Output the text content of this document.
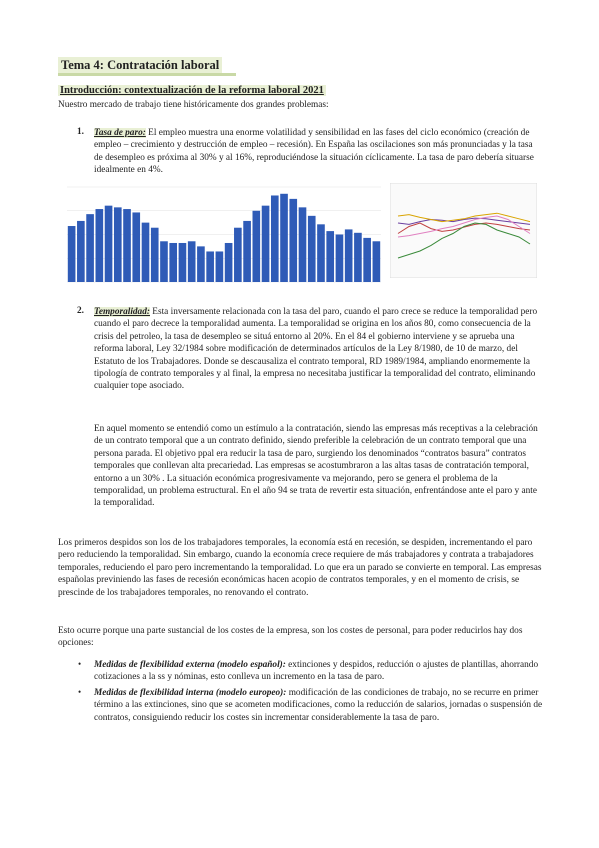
Tema 4: Contratación laboral
Introducción: contextualización de la reforma laboral 2021

Nuestro mercado de trabajo tiene históricamente dos grandes problemas:

1. Tasa de paro: El empleo muestra una enorme volatilidad y sensibilidad en las fases del ciclo económico (creación de empleo – crecimiento y destrucción de empleo – recesión). En España las oscilaciones son más pronunciadas y la tasa de desempleo es próxima al 30% y al 16%, reproduciéndose la situación cíclicamente. La tasa de paro debería situarse idealmente en 4%.

2. Temporalidad: Esta inversamente relacionada con la tasa del paro, cuando el paro crece se reduce la temporalidad pero cuando el paro decrece la temporalidad aumenta. La temporalidad se origina en los años 80, como consecuencia de la crisis del petroleo, la tasa de desempleo se situá entorno al 20%. En el 84 el gobierno interviene y se aprueba una reforma laboral, Ley 32/1984 sobre modificación de determinados artículos de la Ley 8/1980, de 10 de marzo, del Estatuto de los Trabajadores. Donde se descausaliza el contrato temporal, RD 1989/1984, ampliando enormemente la tipología de contrato temporales y al final, la empresa no necesitaba justificar la temporalidad del contrato, eliminando cualquier tope asociado.

En aquel momento se entendió como un estímulo a la contratación, siendo las empresas más receptivas a la celebración de un contrato temporal que a un contrato definido, siendo preferible la celebración de un contrato temporal que una persona parada. El objetivo ppal era reducir la tasa de paro, surgiendo los denominados “contratos basura” contratos temporales que conllevan alta precariedad. Las empresas se acostumbraron a las altas tasas de contratación temporal, entorno a un 30% . La situación económica progresivamente va mejorando, pero se genera el problema de la temporalidad, un problema estructural. En el año 94 se trata de revertir esta situación, enfrentándose ante el paro y ante la temporalidad.

Los primeros despidos son los de los trabajadores temporales, la economía está en recesión, se despiden, incrementando el paro pero reduciendo la temporalidad. Sin embargo, cuando la economía crece requiere de más trabajadores y contrata a trabajadores temporales, reduciendo el paro pero incrementando la temporalidad. Lo que era un parado se convierte en temporal. Las empresas españolas previniendo las fases de recesión económicas hacen acopio de contratos temporales, y en el momento de crisis, se prescinde de los trabajadores temporales, no renovando el contrato.

Esto ocurre porque una parte sustancial de los costes de la empresa, son los costes de personal, para poder reducirlos hay dos opciones:

• Medidas de flexibilidad externa (modelo español): extinciones y despidos, reducción o ajustes de plantillas, ahorrando cotizaciones a la ss y nóminas, esto conlleva un incremento en la tasa de paro.

• Medidas de flexibilidad interna (modelo europeo): modificación de las condiciones de trabajo, no se recurre en primer término a las extinciones, sino que se acometen modificaciones, como la reducción de salarios, jornadas o suspensión de contratos, consiguiendo reducir los costes sin incrementar considerablemente la tasa de paro.
